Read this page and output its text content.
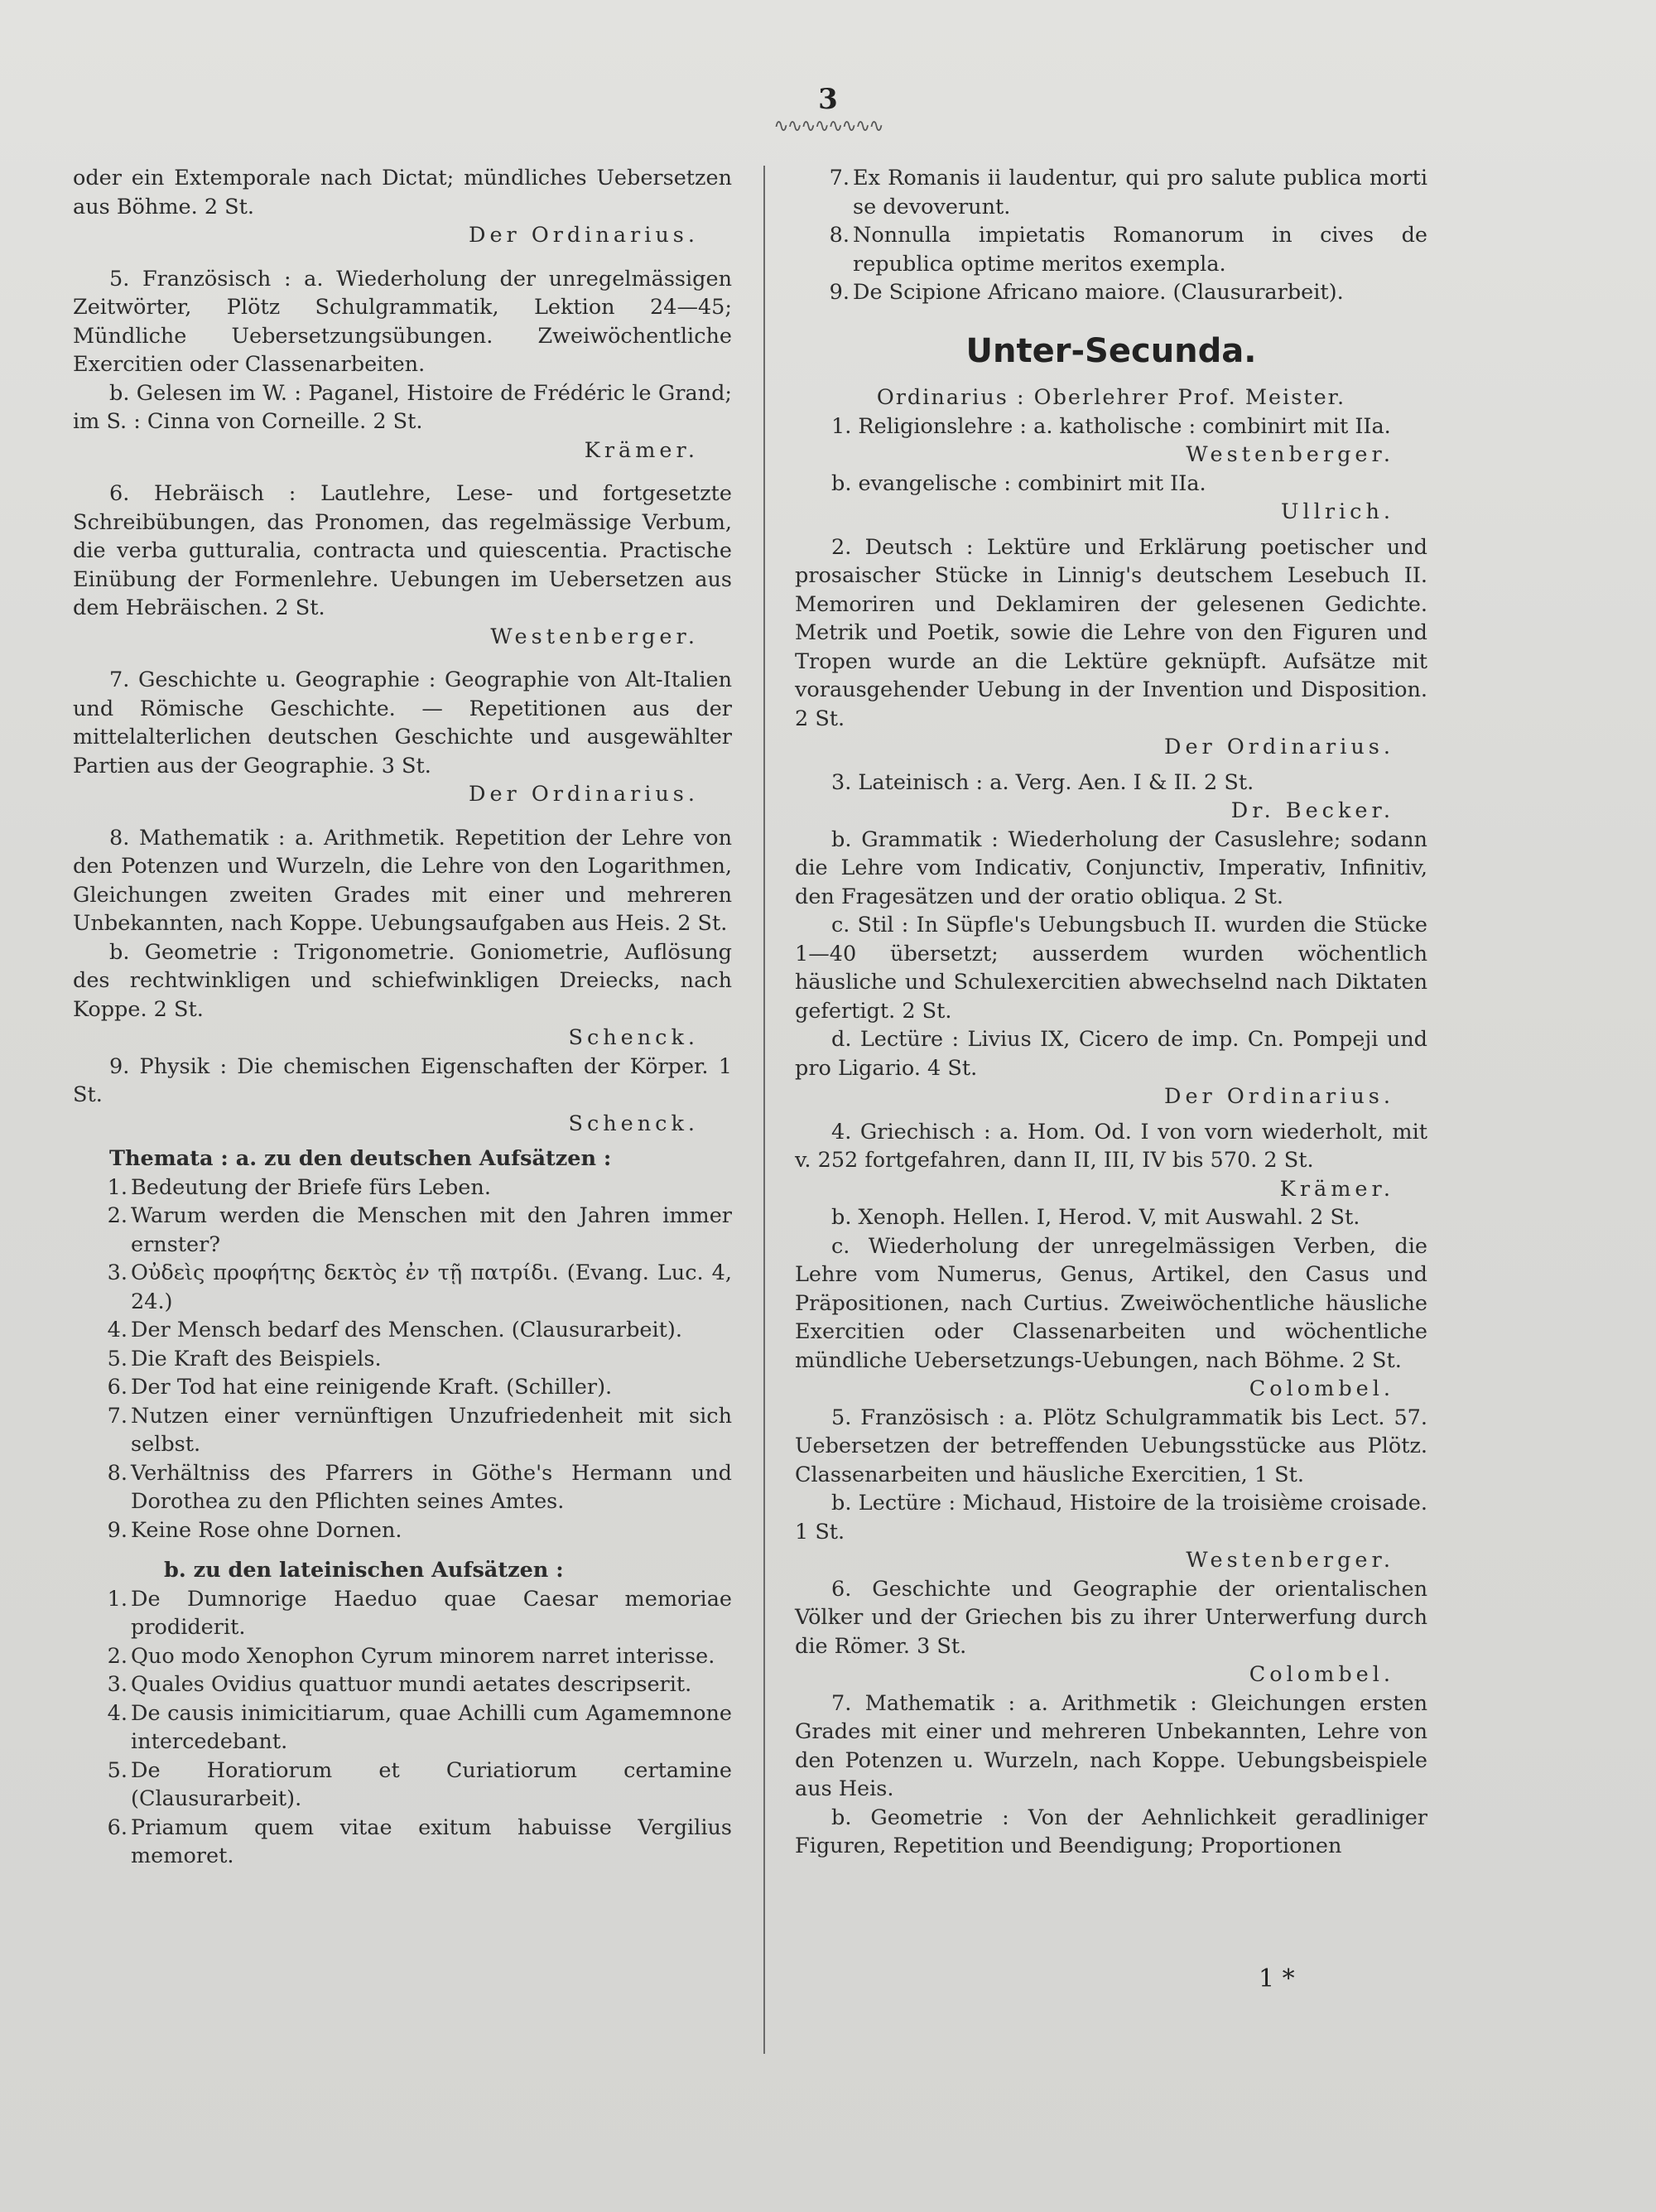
3
∿∿∿∿∿∿∿∿

oder ein Extemporale nach Dictat; mündliches Uebersetzen aus Böhme. 2 St.

Der Ordinarius.

5. Französisch : a. Wiederholung der unregelmässigen Zeitwörter, Plötz Schulgrammatik, Lektion 24—45; Mündliche Uebersetzungsübungen. Zweiwöchentliche Exercitien oder Classenarbeiten.

b. Gelesen im W. : Paganel, Histoire de Frédéric le Grand; im S. : Cinna von Corneille. 2 St.

Krämer.

6. Hebräisch : Lautlehre, Lese- und fortgesetzte Schreibübungen, das Pronomen, das regelmässige Verbum, die verba gutturalia, contracta und quiescentia. Practische Einübung der Formenlehre. Uebungen im Uebersetzen aus dem Hebräischen. 2 St.

Westenberger.

7. Geschichte u. Geographie : Geographie von Alt-Italien und Römische Geschichte. — Repetitionen aus der mittelalterlichen deutschen Geschichte und ausgewählter Partien aus der Geographie. 3 St.

Der Ordinarius.

8. Mathematik : a. Arithmetik. Repetition der Lehre von den Potenzen und Wurzeln, die Lehre von den Logarithmen, Gleichungen zweiten Grades mit einer und mehreren Unbekannten, nach Koppe. Uebungsaufgaben aus Heis. 2 St.

b. Geometrie : Trigonometrie. Goniometrie, Auflösung des rechtwinkligen und schiefwinkligen Dreiecks, nach Koppe. 2 St.

Schenck.

9. Physik : Die chemischen Eigenschaften der Körper. 1 St.

Schenck.

Themata : a. zu den deutschen Aufsätzen :

1. Bedeutung der Briefe fürs Leben.
2. Warum werden die Menschen mit den Jahren immer ernster?
3. Οὐδεὶς προφήτης δεκτὸς ἐν τῇ πατρίδι. (Evang. Luc. 4, 24.)
4. Der Mensch bedarf des Menschen. (Clausurarbeit).
5. Die Kraft des Beispiels.
6. Der Tod hat eine reinigende Kraft. (Schiller).
7. Nutzen einer vernünftigen Unzufriedenheit mit sich selbst.
8. Verhältniss des Pfarrers in Göthe's Hermann und Dorothea zu den Pflichten seines Amtes.
9. Keine Rose ohne Dornen.

b. zu den lateinischen Aufsätzen :

1. De Dumnorige Haeduo quae Caesar memoriae prodiderit.
2. Quo modo Xenophon Cyrum minorem narret interisse.
3. Quales Ovidius quattuor mundi aetates descripserit.
4. De causis inimicitiarum, quae Achilli cum Agamemnone intercedebant.
5. De Horatiorum et Curiatiorum certamine (Clausurarbeit).
6. Priamum quem vitae exitum habuisse Vergilius memoret.
7. Ex Romanis ii laudentur, qui pro salute publica morti se devoverunt.
8. Nonnulla impietatis Romanorum in cives de republica optime meritos exempla.
9. De Scipione Africano maiore. (Clausurarbeit).
Unter-Secunda.

Ordinarius : Oberlehrer Prof. Meister.

1. Religionslehre : a. katholische : combinirt mit IIa.

Westenberger.

b. evangelische : combinirt mit IIa.

Ullrich.

2. Deutsch : Lektüre und Erklärung poetischer und prosaischer Stücke in Linnig's deutschem Lesebuch II. Memoriren und Deklamiren der gelesenen Gedichte. Metrik und Poetik, sowie die Lehre von den Figuren und Tropen wurde an die Lektüre geknüpft. Aufsätze mit vorausgehender Uebung in der Invention und Disposition. 2 St.

Der Ordinarius.

3. Lateinisch : a. Verg. Aen. I & II. 2 St.

Dr. Becker.

b. Grammatik : Wiederholung der Casuslehre; sodann die Lehre vom Indicativ, Conjunctiv, Imperativ, Infinitiv, den Fragesätzen und der oratio obliqua. 2 St.

c. Stil : In Süpfle's Uebungsbuch II. wurden die Stücke 1—40 übersetzt; ausserdem wurden wöchentlich häusliche und Schulexercitien abwechselnd nach Diktaten gefertigt. 2 St.

d. Lectüre : Livius IX, Cicero de imp. Cn. Pompeji und pro Ligario. 4 St.

Der Ordinarius.

4. Griechisch : a. Hom. Od. I von vorn wiederholt, mit v. 252 fortgefahren, dann II, III, IV bis 570. 2 St.

Krämer.

b. Xenoph. Hellen. I, Herod. V, mit Auswahl. 2 St.

c. Wiederholung der unregelmässigen Verben, die Lehre vom Numerus, Genus, Artikel, den Casus und Präpositionen, nach Curtius. Zweiwöchentliche häusliche Exercitien oder Classenarbeiten und wöchentliche mündliche Uebersetzungs-Uebungen, nach Böhme. 2 St.

Colombel.

5. Französisch : a. Plötz Schulgrammatik bis Lect. 57. Uebersetzen der betreffenden Uebungsstücke aus Plötz. Classenarbeiten und häusliche Exercitien, 1 St.

b. Lectüre : Michaud, Histoire de la troisième croisade. 1 St.

Westenberger.

6. Geschichte und Geographie der orientalischen Völker und der Griechen bis zu ihrer Unterwerfung durch die Römer. 3 St.

Colombel.

7. Mathematik : a. Arithmetik : Gleichungen ersten Grades mit einer und mehreren Unbekannten, Lehre von den Potenzen u. Wurzeln, nach Koppe. Uebungsbeispiele aus Heis.

b. Geometrie : Von der Aehnlichkeit geradliniger Figuren, Repetition und Beendigung; Proportionen

1 *
